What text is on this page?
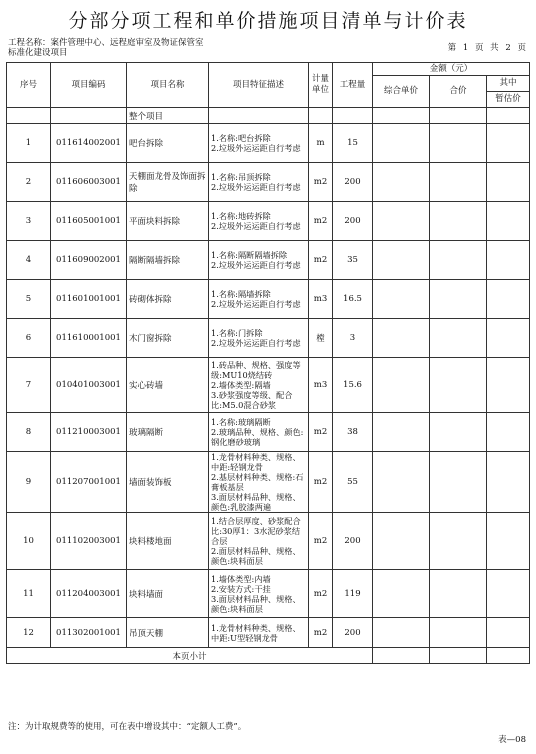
分部分项工程和单价措施项目清单与计价表
工程名称：案件管理中心、远程庭审室及物证保管室
标准化建设项目	第 1 页 共 2 页
序号	项目编码	项目名称	项目特征描述	计量单位	工程量	金额（元）		
						综合单价	合价	其中
								暂估价
		整个项目						
1	011614002001	吧台拆除	1.名称:吧台拆除
2.垃圾外运运距自行考虑	m	15			
2	011606003001	天棚面龙骨及饰面拆除	1.名称:吊顶拆除
2.垃圾外运运距自行考虑	m2	200			
3	011605001001	平面块料拆除	1.名称:地砖拆除
2.垃圾外运运距自行考虑	m2	200			
4	011609002001	隔断隔墙拆除	1.名称:隔断隔墙拆除
2.垃圾外运运距自行考虑	m2	35			
5	011601001001	砖砌体拆除	1.名称:隔墙拆除
2.垃圾外运运距自行考虑	m3	16.5			
6	011610001001	木门窗拆除	1.名称:门拆除
2.垃圾外运运距自行考虑	樘	3			
7	010401003001	实心砖墙	1.砖品种、规格、强度等级:MU10烧结砖
2.墙体类型:隔墙
3.砂浆强度等级、配合比:M5.0混合砂浆	m3	15.6			
8	011210003001	玻璃隔断	1.名称:玻璃隔断
2.玻璃品种、规格、颜色:钢化磨砂玻璃	m2	38			
9	011207001001	墙面装饰板	1.龙骨材料种类、规格、中距:轻钢龙骨
2.基层材料种类、规格:石膏板基层
3.面层材料品种、规格、颜色:乳胶漆两遍	m2	55			
10	011102003001	块料楼地面	1.结合层厚度、砂浆配合比:30厚1：3水泥砂浆结合层
2.面层材料品种、规格、颜色:块料面层	m2	200			
11	011204003001	块料墙面	1.墙体类型:内墙
2.安装方式:干挂
3.面层材料品种、规格、颜色:块料面层	m2	119			
12	011302001001	吊顶天棚	1.龙骨材料种类、规格、中距:U型轻钢龙骨	m2	200			
本页小计								
注：为计取规费等的使用，可在表中增设其中：“定额人工费”。
表—08
